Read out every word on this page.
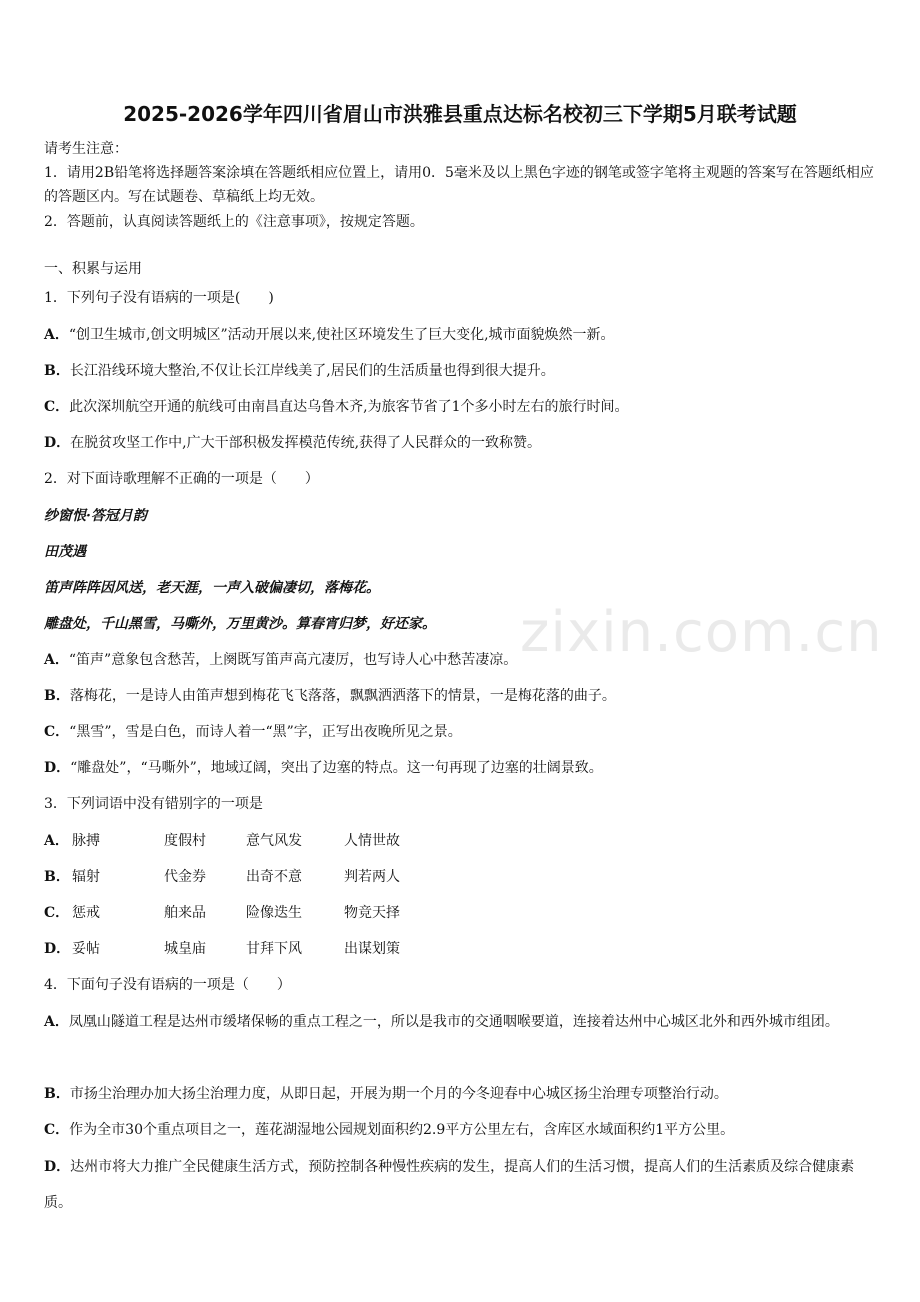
zixin.com.cn
2025-2026学年四川省眉山市洪雅县重点达标名校初三下学期5月联考试题
请考生注意：
1．请用2B铅笔将选择题答案涂填在答题纸相应位置上，请用0．5毫米及以上黑色字迹的钢笔或签字笔将主观题的答案写在答题纸相应的答题区内。写在试题卷、草稿纸上均无效。
2．答题前，认真阅读答题纸上的《注意事项》，按规定答题。
一、积累与运用
1．下列句子没有语病的一项是(　　)
A．“创卫生城市,创文明城区”活动开展以来,使社区环境发生了巨大变化,城市面貌焕然一新。
B．长江沿线环境大整治,不仅让长江岸线美了,居民们的生活质量也得到很大提升。
C．此次深圳航空开通的航线可由南昌直达乌鲁木齐,为旅客节省了1个多小时左右的旅行时间。
D．在脱贫攻坚工作中,广大干部积极发挥模范传统,获得了人民群众的一致称赞。
2．对下面诗歌理解不正确的一项是（　　）
纱窗恨·答冠月韵
田茂遇
笛声阵阵因风送，老天涯，一声入破偏凄切，落梅花。
雕盘处，千山黑雪，马嘶外，万里黄沙。算春宵归梦，好还家。
A．“笛声”意象包含愁苦，上阕既写笛声高亢凄厉，也写诗人心中愁苦凄凉。
B．落梅花，一是诗人由笛声想到梅花飞飞落落，飘飘洒洒落下的情景，一是梅花落的曲子。
C．“黑雪”，雪是白色，而诗人着一“黑”字，正写出夜晚所见之景。
D．“雕盘处”，“马嘶外”，地域辽阔，突出了边塞的特点。这一句再现了边塞的壮阔景致。
3．下列词语中没有错别字的一项是
A． 脉搏	度假村	意气风发	人情世故
B． 辐射	代金券	出奇不意	判若两人
C． 惩戒	舶来品	险像迭生	物竞天择
D． 妥帖	城皇庙	甘拜下风	出谋划策
4．下面句子没有语病的一项是（　　）
A．凤凰山隧道工程是达州市缓堵保畅的重点工程之一，所以是我市的交通咽喉要道，连接着达州中心城区北外和西外城市组团。
B．市扬尘治理办加大扬尘治理力度，从即日起，开展为期一个月的今冬迎春中心城区扬尘治理专项整治行动。
C．作为全市30个重点项目之一，莲花湖湿地公园规划面积约2.9平方公里左右，含库区水域面积约1平方公里。
D．达州市将大力推广全民健康生活方式，预防控制各种慢性疾病的发生，提高人们的生活习惯，提高人们的生活素质及综合健康素质。
